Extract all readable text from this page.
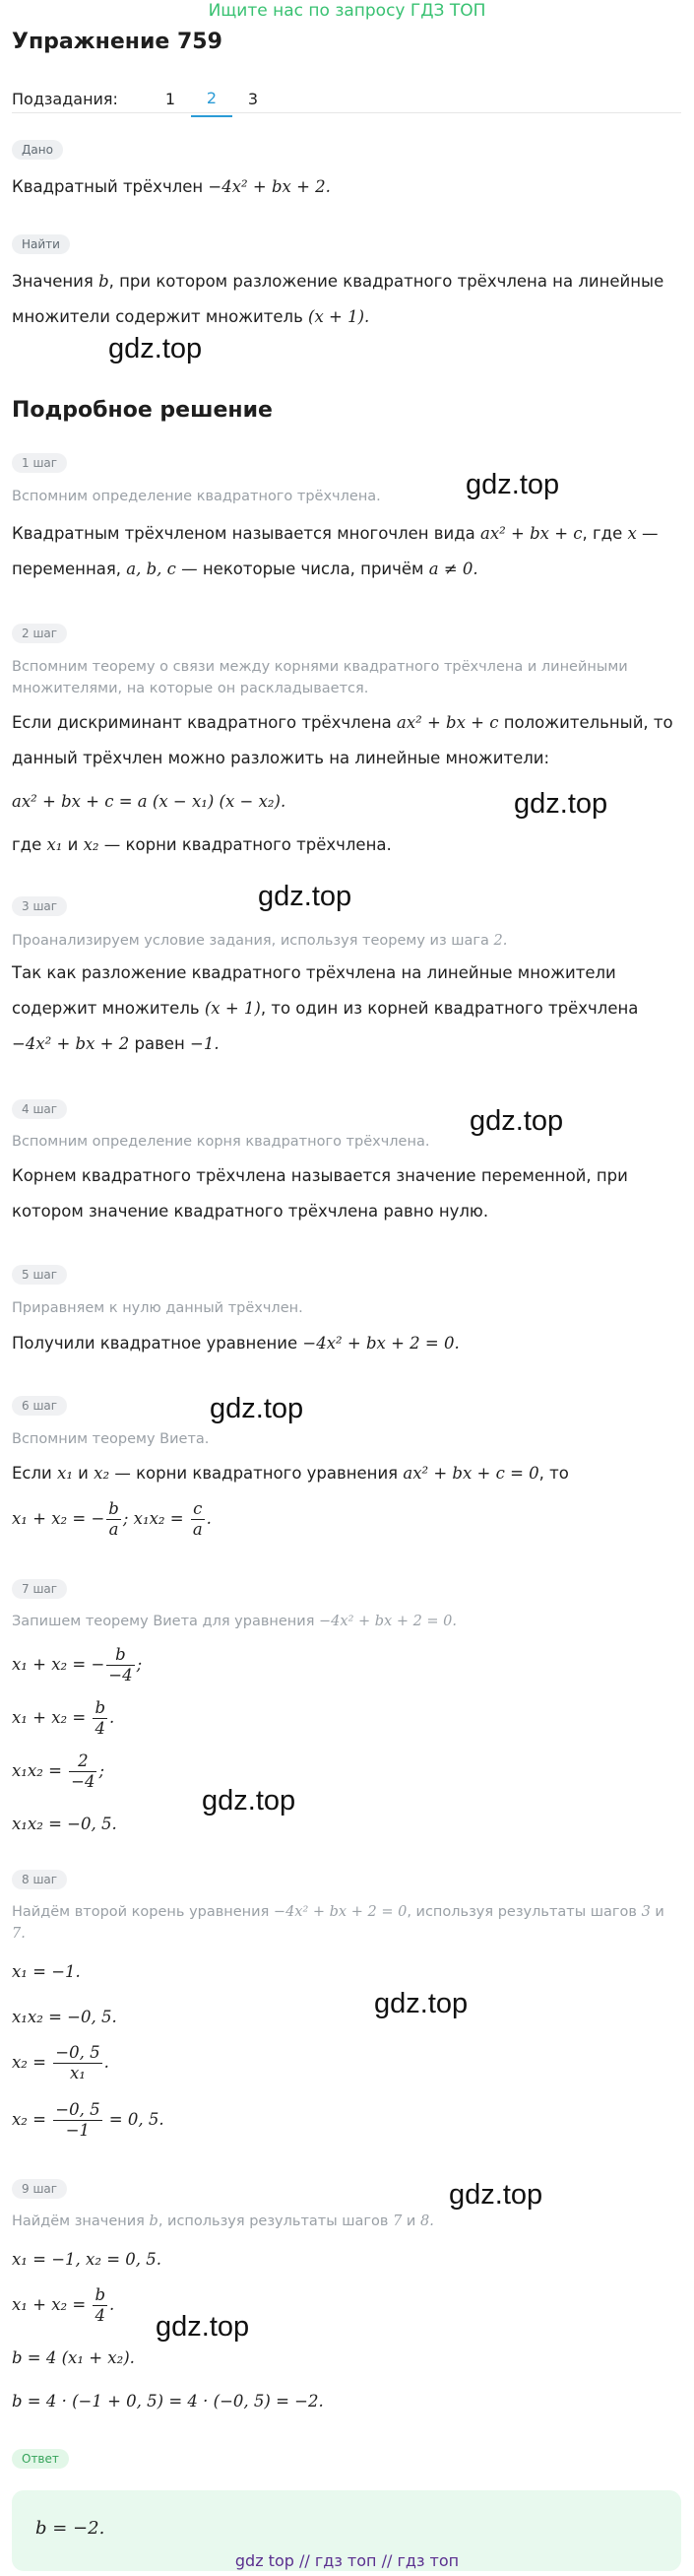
Ищите нас по запросу ГДЗ ТОП
Упражнение 759
Подзадания:	1	2	3
Дано
Квадратный трёхчлен −4x² + bx + 2.
Найти
Значения b, при котором разложение квадратного трёхчлена на линейные
множители содержит множитель (x + 1).
gdz.top
Подробное решение
1 шаг
Вспомним определение квадратного трёхчлена.	gdz.top
Квадратным трёхчленом называется многочлен вида ax² + bx + c, где x —
переменная, a, b, c — некоторые числа, причём a ≠ 0.
2 шаг
Вспомним теорему о связи между корнями квадратного трёхчлена и линейными
множителями, на которые он раскладывается.
Если дискриминант квадратного трёхчлена ax² + bx + c положительный, то
данный трёхчлен можно разложить на линейные множители:
ax² + bx + c = a (x − x₁) (x − x₂).	gdz.top
где x₁ и x₂ — корни квадратного трёхчлена.
gdz.top
3 шаг
Проанализируем условие задания, используя теорему из шага 2.
Так как разложение квадратного трёхчлена на линейные множители
содержит множитель (x + 1), то один из корней квадратного трёхчлена
−4x² + bx + 2 равен −1.
4 шаг	gdz.top
Вспомним определение корня квадратного трёхчлена.
Корнем квадратного трёхчлена называется значение переменной, при
котором значение квадратного трёхчлена равно нулю.
5 шаг
Приравняем к нулю данный трёхчлен.
Получили квадратное уравнение −4x² + bx + 2 = 0.
6 шаг	gdz.top
Вспомним теорему Виета.
Если x₁ и x₂ — корни квадратного уравнения ax² + bx + c = 0, то
x₁ + x₂ = − $\frac{b}{a}$ ; $x_1x_2 = \frac{c}{a}$ .
7 шаг
Запишем теорему Виета для уравнения −4x² + bx + 2 = 0.
x₁ + x₂ = − $\frac{b}{-4}$ ;
$x_1 + x_2 = \frac{b}{4}$ .
$x_1x_2 = \frac{2}{-4}$ ;
gdz.top
x₁x₂ = −0, 5.
8 шаг
Найдём второй корень уравнения −4x² + bx + 2 = 0, используя результаты шагов 3 и
7.
x₁ = −1.
gdz.top
x₁x₂ = −0, 5.
$x_2 = \frac{-0, 5}{\text{x₁}}$ .
$x_2 = \frac{-0, 5}{-1} = 0$, 5.
9 шаг	gdz.top
Найдём значения b, используя результаты шагов 7 и 8.
x₁ = −1, x₂ = 0, 5.
$x_1 + x_2 = \frac{b}{4}$ .
gdz.top
b = 4 (x₁ + x₂).
b = 4 · (−1 + 0, 5) = 4 · (−0, 5) = −2.
Ответ
b = −2.
gdz top // гдз топ // гдз топ
